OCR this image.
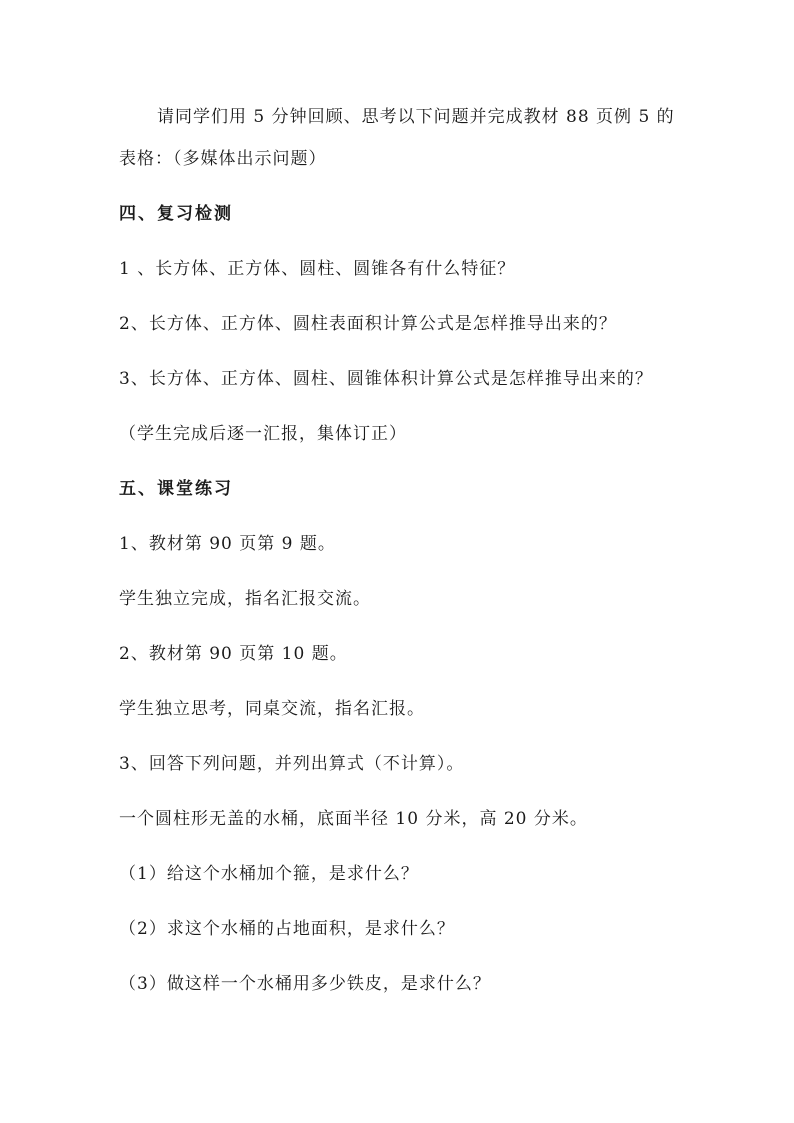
请同学们用 5 分钟回顾、思考以下问题并完成教材 88 页例 5 的
表格：（多媒体出示问题）
四、复习检测
1 、长方体、正方体、圆柱、圆锥各有什么特征？
2、长方体、正方体、圆柱表面积计算公式是怎样推导出来的？
3、长方体、正方体、圆柱、圆锥体积计算公式是怎样推导出来的？
（学生完成后逐一汇报，集体订正）
五、课堂练习
1、教材第 90 页第 9 题。
学生独立完成，指名汇报交流。
2、教材第 90 页第 10 题。
学生独立思考，同桌交流，指名汇报。
3、回答下列问题，并列出算式（不计算）。
一个圆柱形无盖的水桶，底面半径 10 分米，高 20 分米。
（1）给这个水桶加个箍，是求什么？
（2）求这个水桶的占地面积，是求什么？
（3）做这样一个水桶用多少铁皮，是求什么？
